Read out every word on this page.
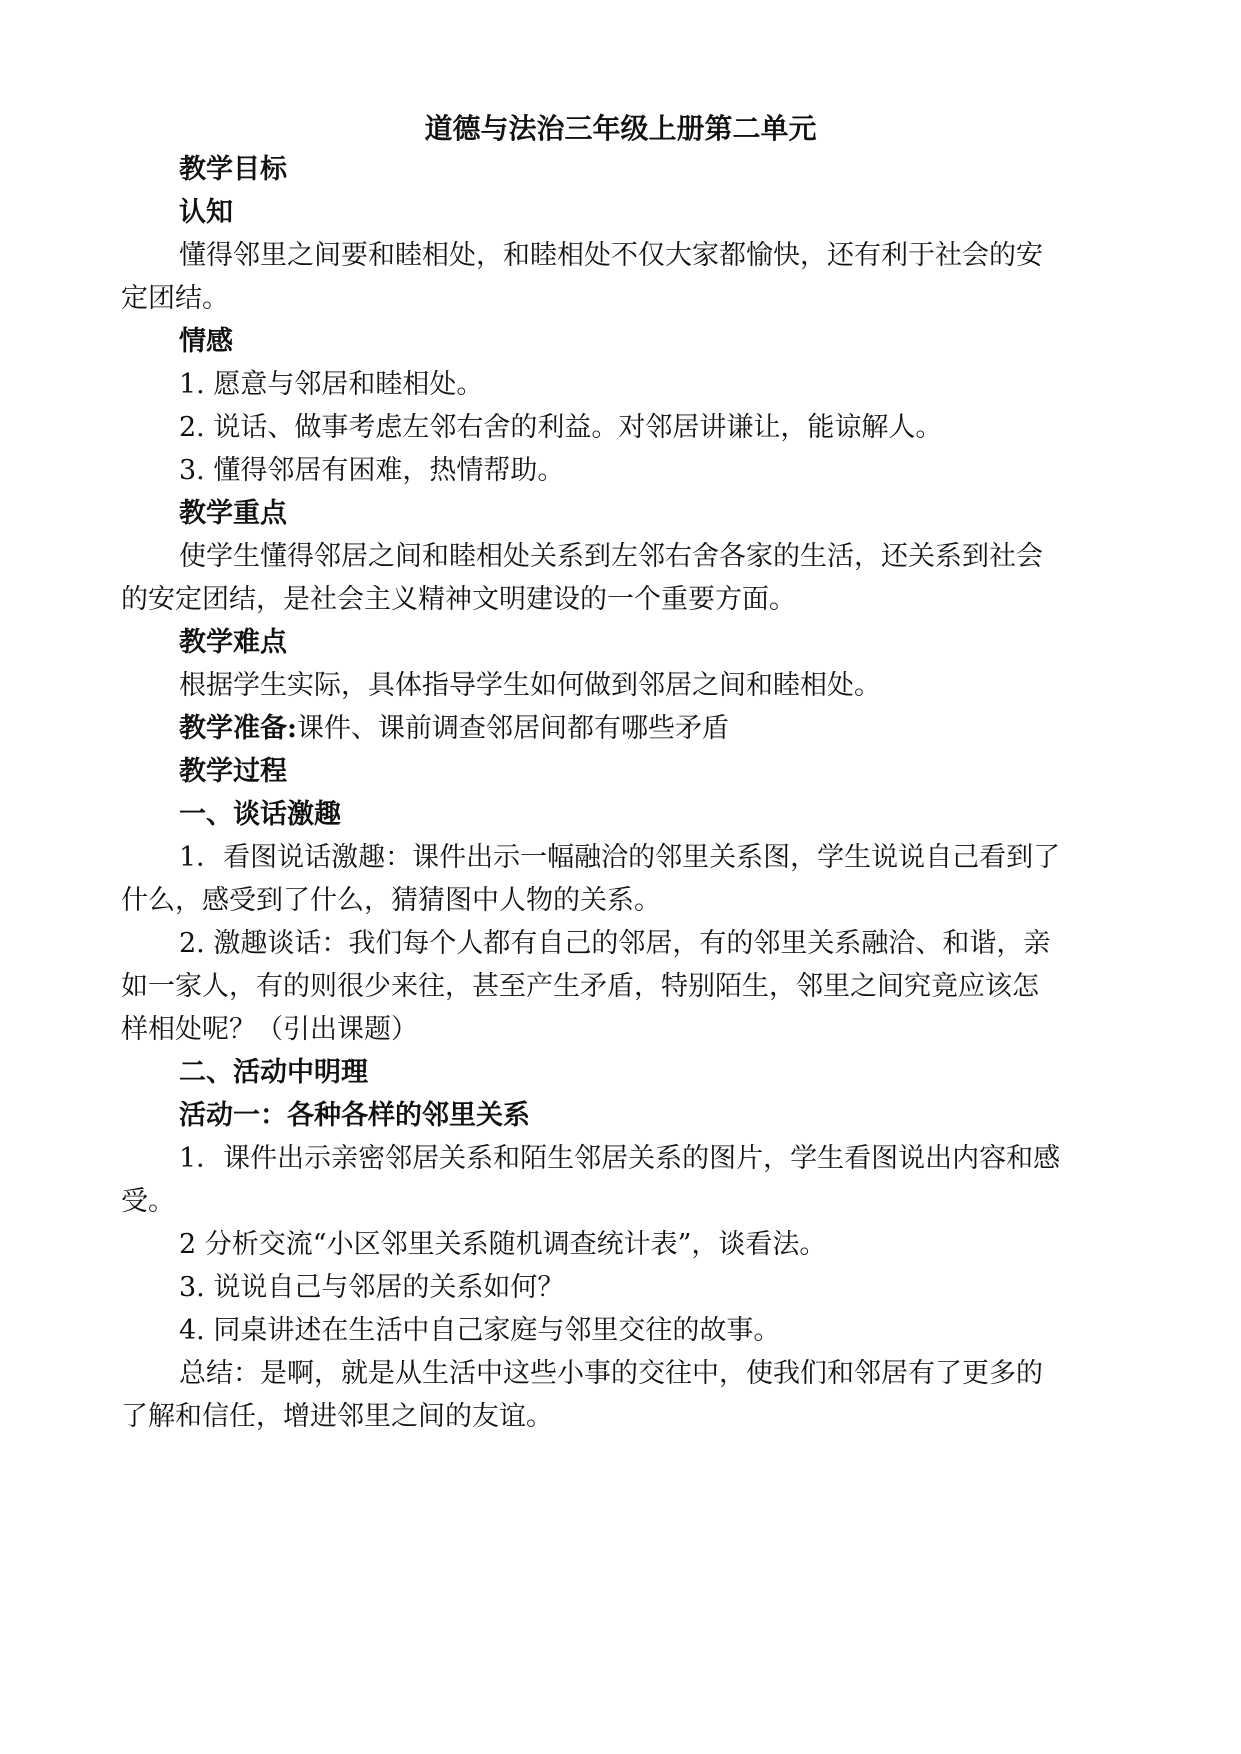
道德与法治三年级上册第二单元
教学目标
认知
懂得邻里之间要和睦相处，和睦相处不仅大家都愉快，还有利于社会的安
定团结。
情感
1. 愿意与邻居和睦相处。
2. 说话、做事考虑左邻右舍的利益。对邻居讲谦让，能谅解人。
3. 懂得邻居有困难，热情帮助。
教学重点
使学生懂得邻居之间和睦相处关系到左邻右舍各家的生活，还关系到社会
的安定团结，是社会主义精神文明建设的一个重要方面。
教学难点
根据学生实际，具体指导学生如何做到邻居之间和睦相处。
教学准备:课件、课前调查邻居间都有哪些矛盾
教学过程
一、谈话激趣
1．看图说话激趣：课件出示一幅融洽的邻里关系图，学生说说自己看到了
什么，感受到了什么，猜猜图中人物的关系。
2. 激趣谈话：我们每个人都有自己的邻居，有的邻里关系融洽、和谐，亲
如一家人，有的则很少来往，甚至产生矛盾，特别陌生，邻里之间究竟应该怎
样相处呢？（引出课题）
二、活动中明理
活动一：各种各样的邻里关系
1．课件出示亲密邻居关系和陌生邻居关系的图片，学生看图说出内容和感
受。
2 分析交流“小区邻里关系随机调查统计表”，谈看法。
3. 说说自己与邻居的关系如何？
4. 同桌讲述在生活中自己家庭与邻里交往的故事。
总结：是啊，就是从生活中这些小事的交往中，使我们和邻居有了更多的
了解和信任，增进邻里之间的友谊。
